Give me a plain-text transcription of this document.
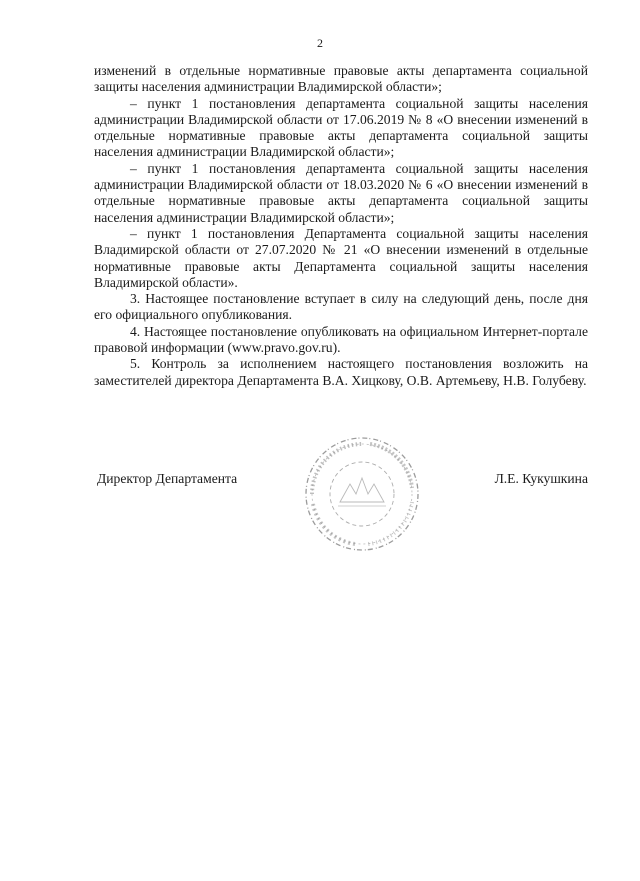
2

изменений в отдельные нормативные правовые акты департамента социальной защиты населения администрации Владимирской области»;

– пункт 1 постановления департамента социальной защиты населения администрации Владимирской области от 17.06.2019 № 8 «О внесении изменений в отдельные нормативные правовые акты департамента социальной защиты населения администрации Владимирской области»;

– пункт 1 постановления департамента социальной защиты населения администрации Владимирской области от 18.03.2020 № 6 «О внесении изменений в отдельные нормативные правовые акты департамента социальной защиты населения администрации Владимирской области»;

– пункт 1 постановления Департамента социальной защиты населения Владимирской области от 27.07.2020 № 21 «О внесении изменений в отдельные нормативные правовые акты Департамента социальной защиты населения Владимирской области».

3. Настоящее постановление вступает в силу на следующий день, после дня его официального опубликования.

4. Настоящее постановление опубликовать на официальном Интернет-портале правовой информации (www.pravo.gov.ru).

5. Контроль за исполнением настоящего постановления возложить на заместителей директора Департамента В.А. Хицкову, О.В. Артемьеву, Н.В. Голубеву.

Директор Департамента	Л.Е. Кукушкина
